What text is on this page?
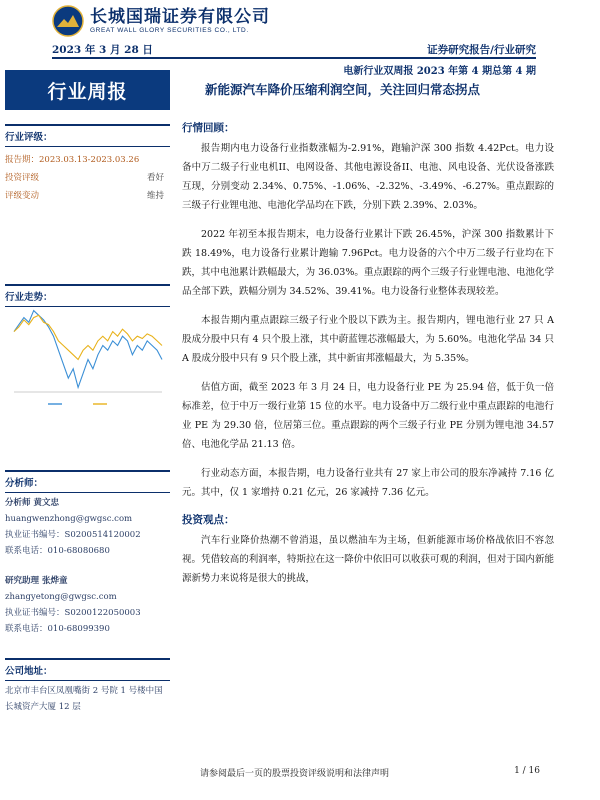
长城国瑞证券有限公司
GREAT WALL GLORY SECURITIES CO., LTD.
2023 年 3 月 28 日	证券研究报告/行业研究
电新行业双周报 2023 年第 4 期总第 4 期
行业周报	新能源汽车降价压缩利润空间，关注回归常态拐点
行业评级：
报告期：2023.03.13-2023.03.26
投资评级	看好
评级变动	维持
行业走势：
分析师：
分析师 黄文忠
huangwenzhong@gwgsc.com
执业证书编号：S0200514120002
联系电话：010-68080680
研究助理 张烨童
zhangyetong@gwgsc.com
执业证书编号：S0200122050003
联系电话：010-68099390
公司地址：
北京市丰台区凤凰嘴街 2 号院 1 号楼中国长城资产大厦 12 层
行情回顾：

报告期内电力设备行业指数涨幅为-2.91%，跑输沪深 300 指数 4.42Pct。电力设备中万二级子行业电机II、电网设备、其他电源设备II、电池、风电设备、光伏设备涨跌互现，分别变动 2.34%、0.75%、-1.06%、-2.32%、-3.49%、-6.27%。重点跟踪的三级子行业锂电池、电池化学品均在下跌，分别下跌 2.39%、2.03%。

2022 年初至本报告期末，电力设备行业累计下跌 26.45%，沪深 300 指数累计下跌 18.49%，电力设备行业累计跑输 7.96Pct。电力设备的六个中万二级子行业均在下跌，其中电池累计跌幅最大，为 36.03%。重点跟踪的两个三级子行业锂电池、电池化学品全部下跌，跌幅分别为 34.52%、39.41%。电力设备行业整体表现较差。

本报告期内重点跟踪三级子行业个股以下跌为主。报告期内，锂电池行业 27 只 A 股成分股中只有 4 只个股上涨，其中蔚蓝锂芯涨幅最大，为 5.60%。电池化学品 34 只 A 股成分股中只有 9 只个股上涨，其中新宙邦涨幅最大，为 5.35%。

估值方面，截至 2023 年 3 月 24 日，电力设备行业 PE 为 25.94 倍，低于负一倍标准差，位于中万一级行业第 15 位的水平。电力设备中万二级行业中重点跟踪的电池行业 PE 为 29.30 倍，位居第三位。重点跟踪的两个三级子行业 PE 分别为锂电池 34.57 倍、电池化学品 21.13 倍。

行业动态方面，本报告期，电力设备行业共有 27 家上市公司的股东净减持 7.16 亿元。其中，仅 1 家增持 0.21 亿元，26 家减持 7.36 亿元。

投资观点：

汽车行业降价热潮不曾消退，虽以燃油车为主场，但新能源市场价格战依旧不容忽视。凭借较高的利润率，特斯拉在这一降价中依旧可以收获可观的利润，但对于国内新能源新势力来说将是很大的挑战，

请参阅最后一页的股票投资评级说明和法律声明	1 / 16
